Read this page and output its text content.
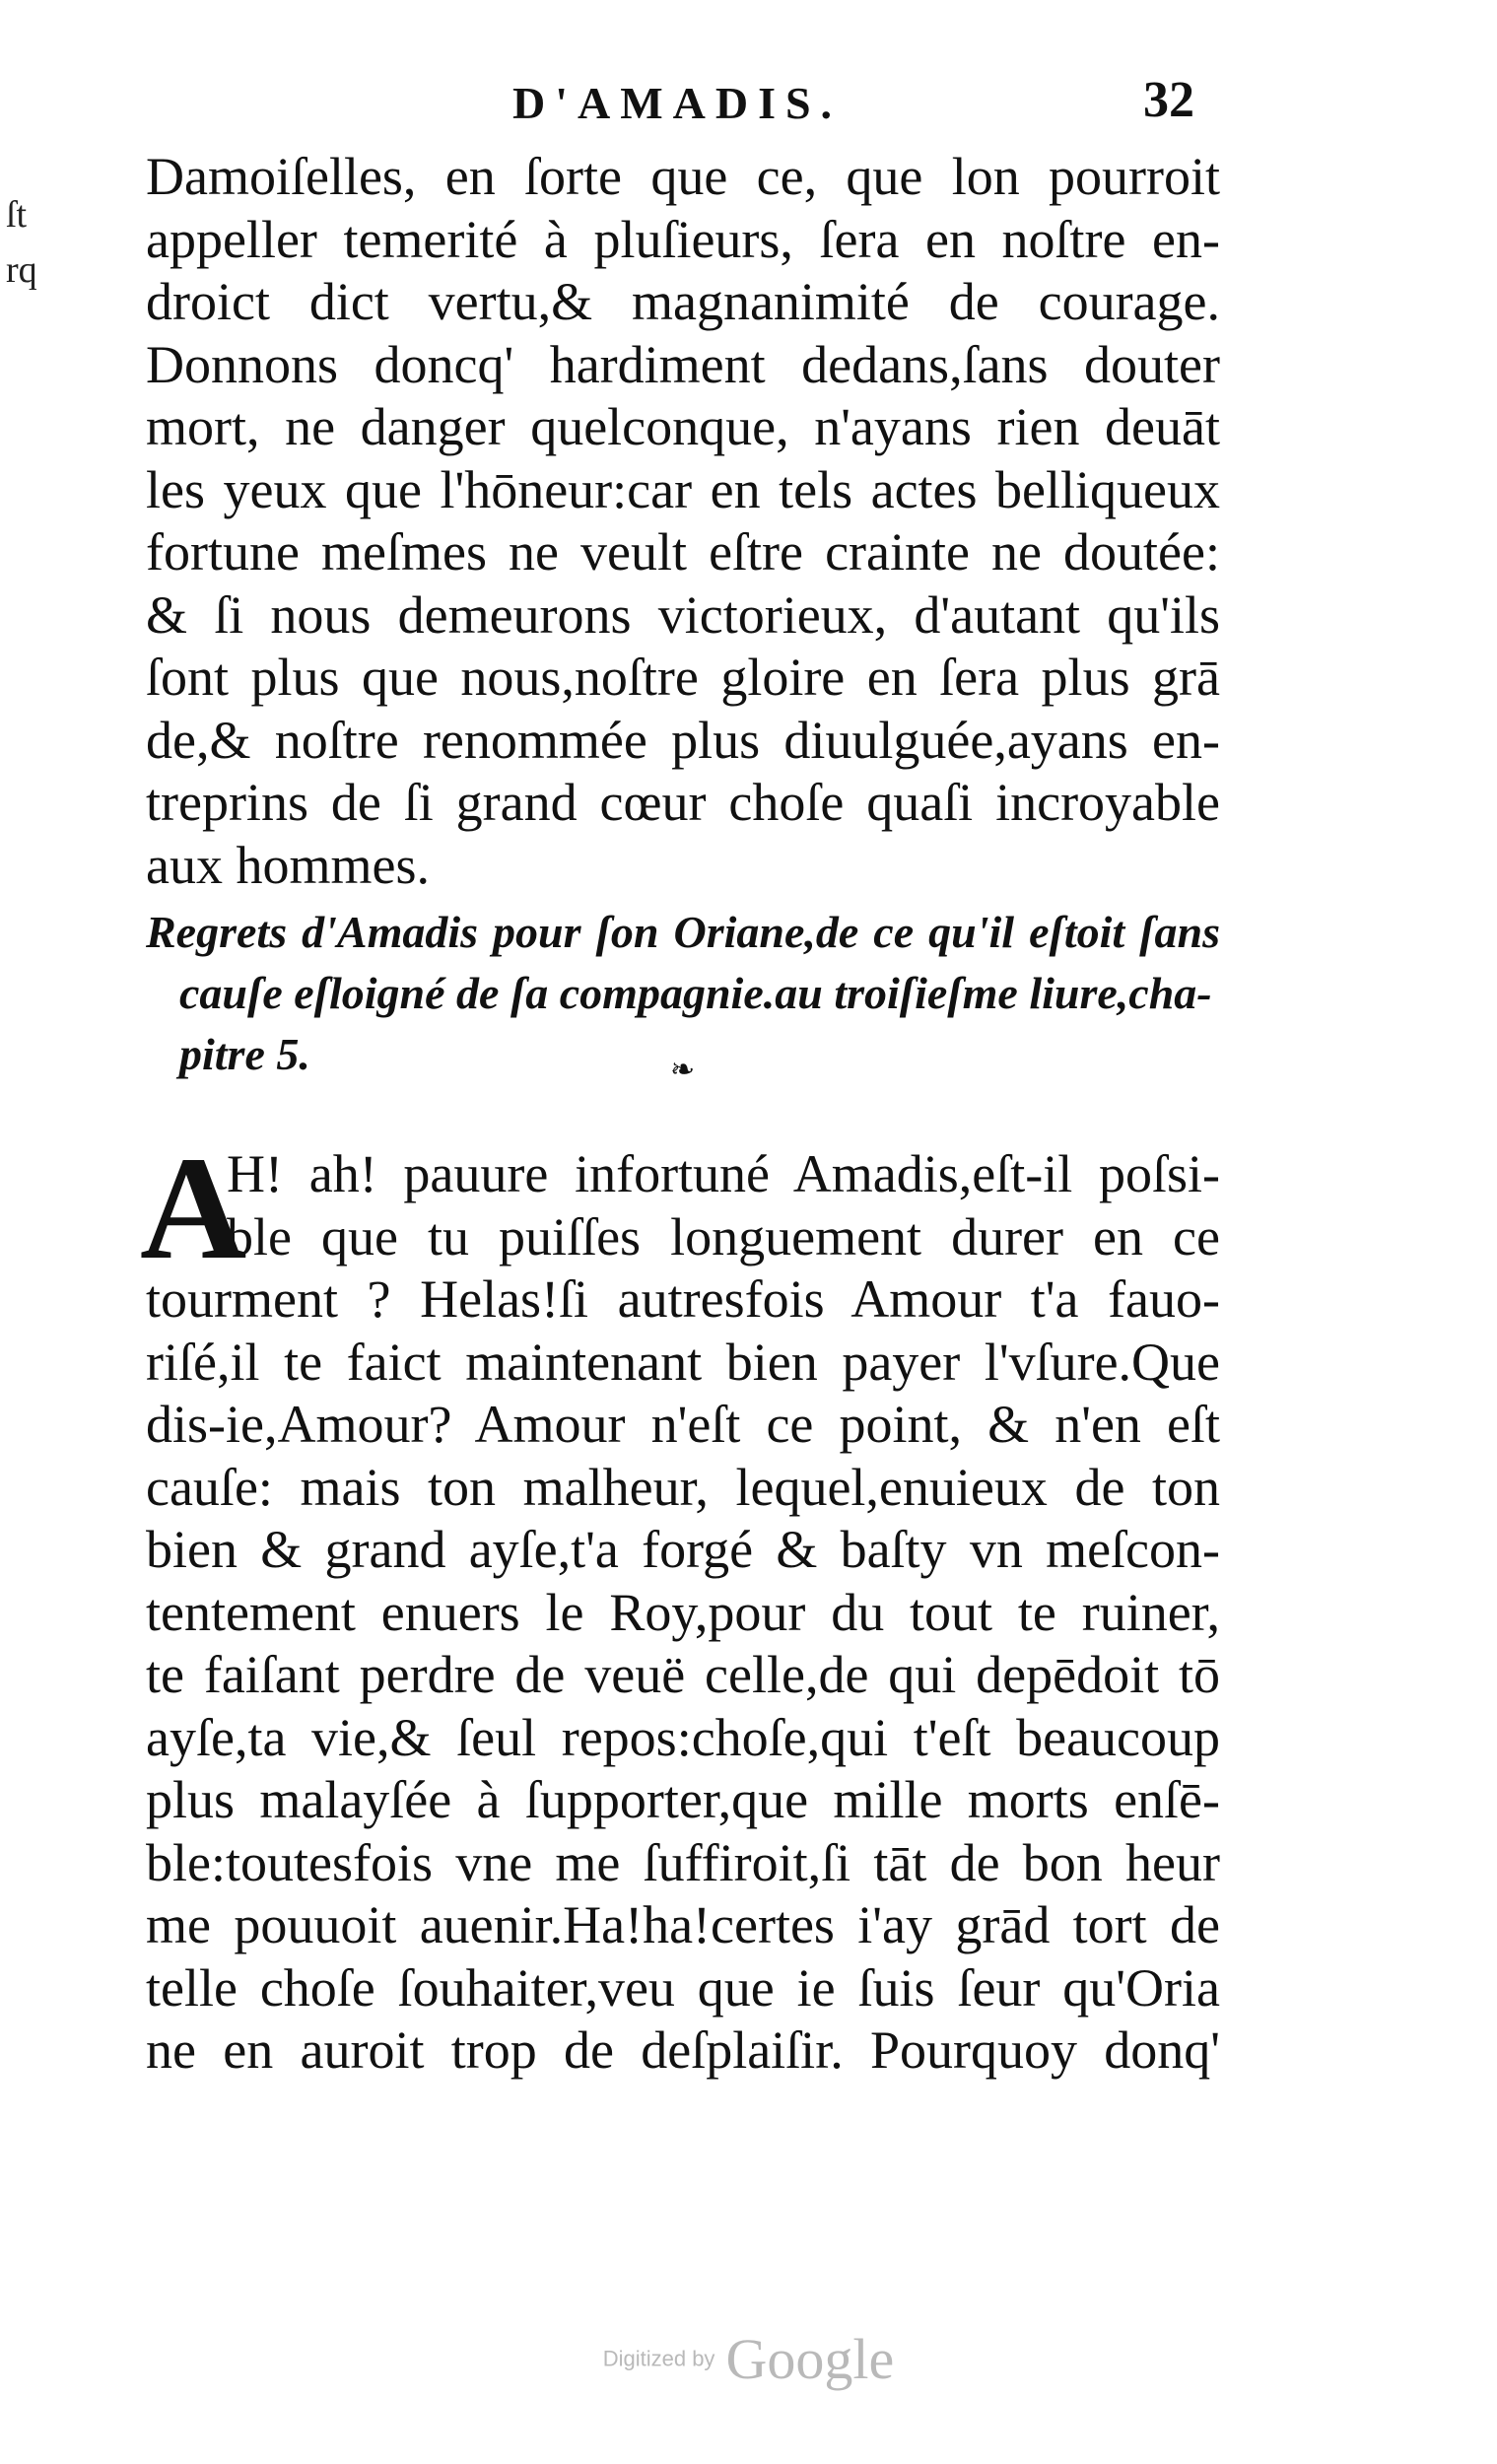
D'AMADIS.	32
ſt
rq
Damoiſelles, en ſorte que ce, que lon pourroit
appeller temerité à pluſieurs, ſera en noſtre en-
droict dict vertu,& magnanimité de courage.
Donnons doncq' hardiment dedans,ſans douter
mort, ne danger quelconque, n'ayans rien deuāt
les yeux que l'hōneur:car en tels actes belliqueux
fortune meſmes ne veult eſtre crainte ne doutée:
& ſi nous demeurons victorieux, d'autant qu'ils
ſont plus que nous,noſtre gloire en ſera plus grā
de,& noſtre renommée plus diuulguée,ayans en-
treprins de ſi grand cœur choſe quaſi incroyable
aux hommes.
Regrets d'Amadis pour ſon Oriane,de ce qu'il eſtoit ſans
cauſe eſloigné de ſa compagnie.au troiſieſme liure,cha-
pitre 5.	❧
A
H! ah! pauure infortuné Amadis,eſt-il poſsi-
ble que tu puiſſes longuement durer en ce
tourment ? Helas!ſi autresfois Amour t'a fauo-
riſé,il te faict maintenant bien payer l'vſure.Que
dis-ie,Amour? Amour n'eſt ce point, & n'en eſt
cauſe: mais ton malheur, lequel,enuieux de ton
bien & grand ayſe,t'a forgé & baſty vn meſcon-
tentement enuers le Roy,pour du tout te ruiner,
te faiſant perdre de veuë celle,de qui depēdoit tō
ayſe,ta vie,& ſeul repos:choſe,qui t'eſt beaucoup
plus malayſée à ſupporter,que mille morts enſē-
ble:toutesfois vne me ſuffiroit,ſi tāt de bon heur
me pouuoit auenir.Ha!ha!certes i'ay grād tort de
telle choſe ſouhaiter,veu que ie ſuis ſeur qu'Oria
ne en auroit trop de deſplaiſir. Pourquoy donq'
Digitized by Google
